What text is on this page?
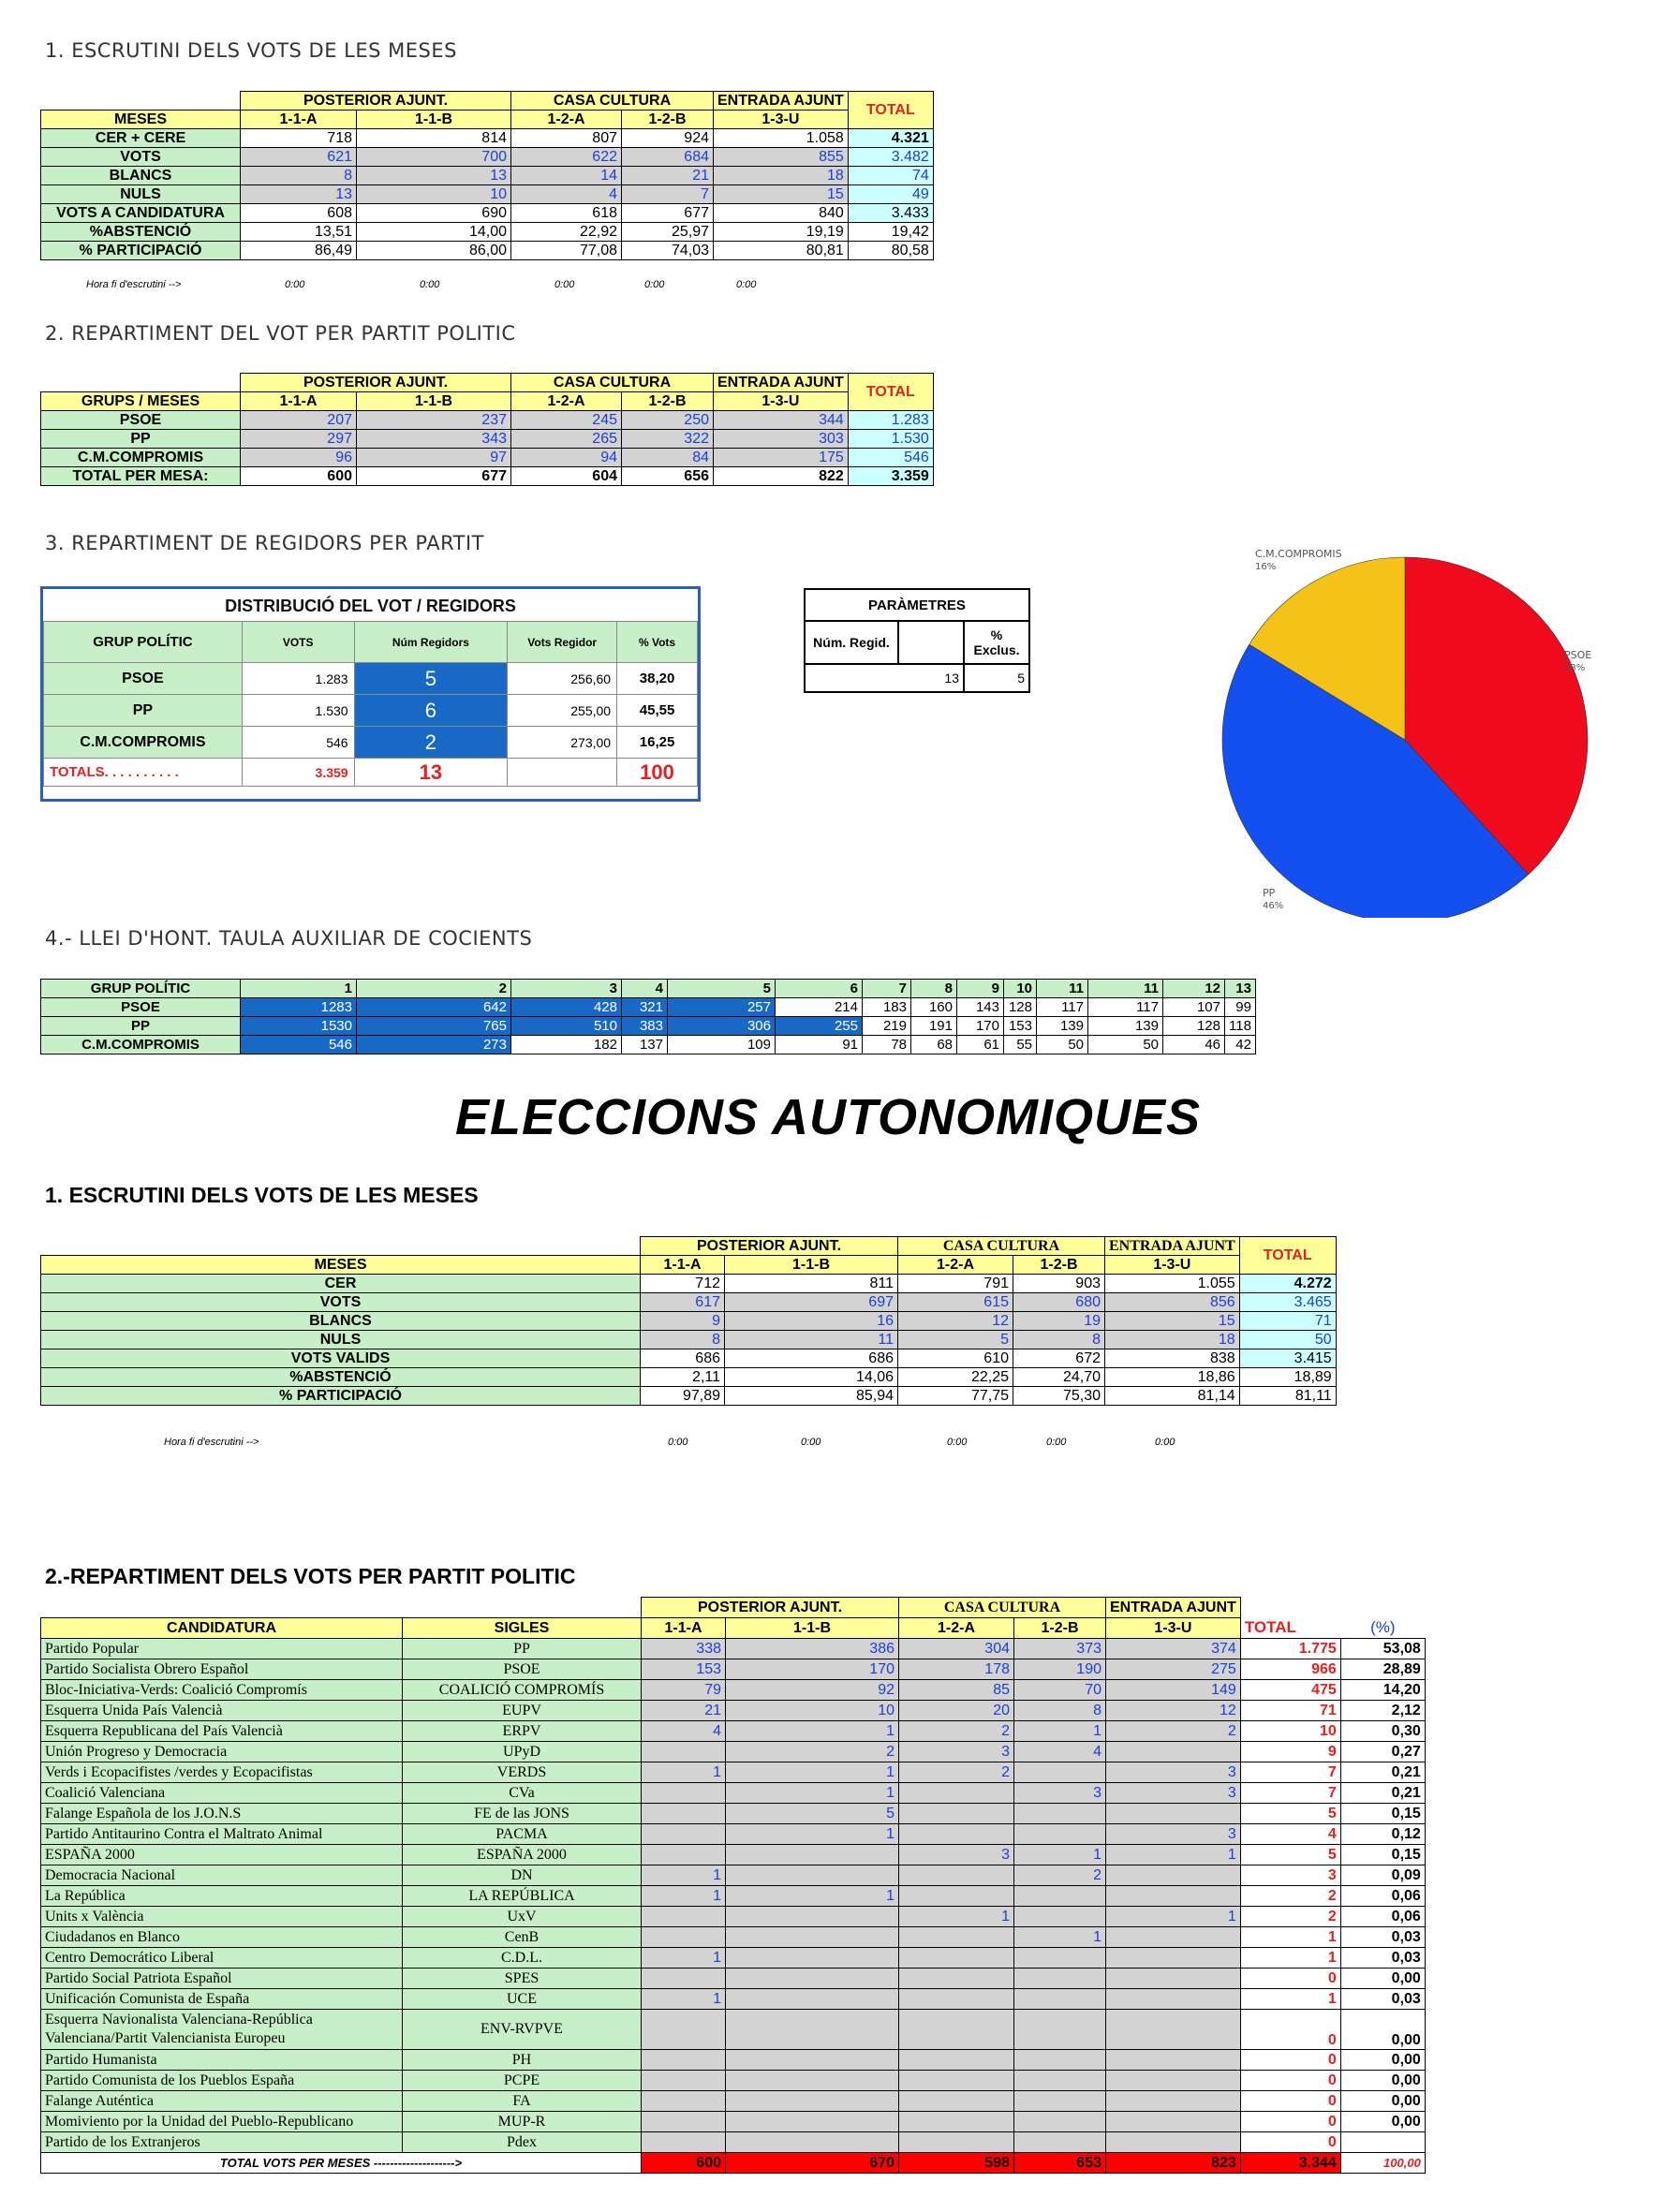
1. ESCRUTINI DELS VOTS DE LES MESES
	POSTERIOR AJUNT.		CASA CULTURA		ENTRADA AJUNT	TOTAL
MESES	1-1-A	1-1-B	1-2-A	1-2-B	1-3-U	
CER + CERE	718	814	807	924	1.058	4.321
VOTS	621	700	622	684	855	3.482
BLANCS	8	13	14	21	18	74
NULS	13	10	4	7	15	49
VOTS A CANDIDATURA	608	690	618	677	840	3.433
%ABSTENCIÓ	13,51	14,00	22,92	25,97	19,19	19,42
% PARTICIPACIÓ	86,49	86,00	77,08	74,03	80,81	80,58
Hora fi d'escrutini -->	0:00	0:00	0:00	0:00	0:00
2. REPARTIMENT DEL VOT PER PARTIT POLITIC
	POSTERIOR AJUNT.		CASA CULTURA		ENTRADA AJUNT	TOTAL
GRUPS / MESES	1-1-A	1-1-B	1-2-A	1-2-B	1-3-U	
PSOE	207	237	245	250	344	1.283
PP	297	343	265	322	303	1.530
C.M.COMPROMIS	96	97	94	84	175	546
TOTAL PER MESA:	600	677	604	656	822	3.359
3. REPARTIMENT DE REGIDORS PER PARTIT
DISTRIBUCIÓ DEL VOT / REGIDORS
GRUP POLÍTIC	VOTS	Núm Regidors	Vots Regidor	% Vots
PSOE	1.283	5	256,60	38,20
PP	1.530	6	255,00	45,55
C.M.COMPROMIS	546	2	273,00	16,25
TOTALS. . . . . . . . . .	3.359	13		100
PARÀMETRES		
Núm. Regid.		% Exclus.
13		5
C.M.COMPROMIS
16%
PSOE
38%
PP
46%
4.- LLEI D'HONT. TAULA AUXILIAR DE COCIENTS
GRUP POLÍTIC	1	2	3	4	5	6	7	8	9	10	11	11	12	13
PSOE	1283	642	428	321	257	214	183	160	143	128	117	117	107	99
PP	1530	765	510	383	306	255	219	191	170	153	139	139	128	118
C.M.COMPROMIS	546	273	182	137	109	91	78	68	61	55	50	50	46	42
ELECCIONS AUTONOMIQUES
1. ESCRUTINI DELS VOTS DE LES MESES
	POSTERIOR AJUNT.		CASA CULTURA		ENTRADA AJUNT	TOTAL
MESES	1-1-A	1-1-B	1-2-A	1-2-B	1-3-U	
CER	712	811	791	903	1.055	4.272
VOTS	617	697	615	680	856	3.465
BLANCS	9	16	12	19	15	71
NULS	8	11	5	8	18	50
VOTS VALIDS	686	686	610	672	838	3.415
%ABSTENCIÓ	2,11	14,06	22,25	24,70	18,86	18,89
% PARTICIPACIÓ	97,89	85,94	77,75	75,30	81,14	81,11
Hora fi d'escrutini -->	0:00	0:00	0:00	0:00	0:00
2.-REPARTIMENT DELS VOTS PER PARTIT POLITIC
		POSTERIOR AJUNT.		CASA CULTURA		ENTRADA AJUNT		
CANDIDATURA	SIGLES	1-1-A	1-1-B	1-2-A	1-2-B	1-3-U	TOTAL	(%)
Partido Popular	PP	338	386	304	373	374	1.775	53,08
Partido Socialista Obrero Español	PSOE	153	170	178	190	275	966	28,89
Bloc-Iniciativa-Verds: Coalició Compromís	COALICIÓ COMPROMÍS	79	92	85	70	149	475	14,20
Esquerra Unida País Valencià	EUPV	21	10	20	8	12	71	2,12
Esquerra Republicana del País Valencià	ERPV	4	1	2	1	2	10	0,30
Unión Progreso y Democracia	UPyD		2	3	4		9	0,27
Verds i Ecopacifistes /verdes y Ecopacifistas	VERDS	1	1	2		3	7	0,21
Coalició Valenciana	CVa		1		3	3	7	0,21
Falange Española de los J.O.N.S	FE de las JONS		5				5	0,15
Partido Antitaurino Contra el Maltrato Animal	PACMA		1			3	4	0,12
ESPAÑA 2000	ESPAÑA 2000			3	1	1	5	0,15
Democracia Nacional	DN	1			2		3	0,09
La República	LA REPÚBLICA	1	1				2	0,06
Units x València	UxV			1		1	2	0,06
Ciudadanos en Blanco	CenB				1		1	0,03
Centro Democrático Liberal	C.D.L.	1					1	0,03
Partido Social Patriota Español	SPES						0	0,00
Unificación Comunista de España	UCE	1					1	0,03
Esquerra Navionalista Valenciana-República Valenciana/Partit Valencianista Europeu	ENV-RVPVE						0	0,00
Partido Humanista	PH						0	0,00
Partido Comunista de los Pueblos España	PCPE						0	0,00
Falange Auténtica	FA						0	0,00
Momiviento por la Unidad del Pueblo-Republicano	MUP-R						0	0,00
Partido de los Extranjeros	Pdex						0	
TOTAL VOTS PER MESES -------------------->		600	670	598	653	823	3.344	100,00
